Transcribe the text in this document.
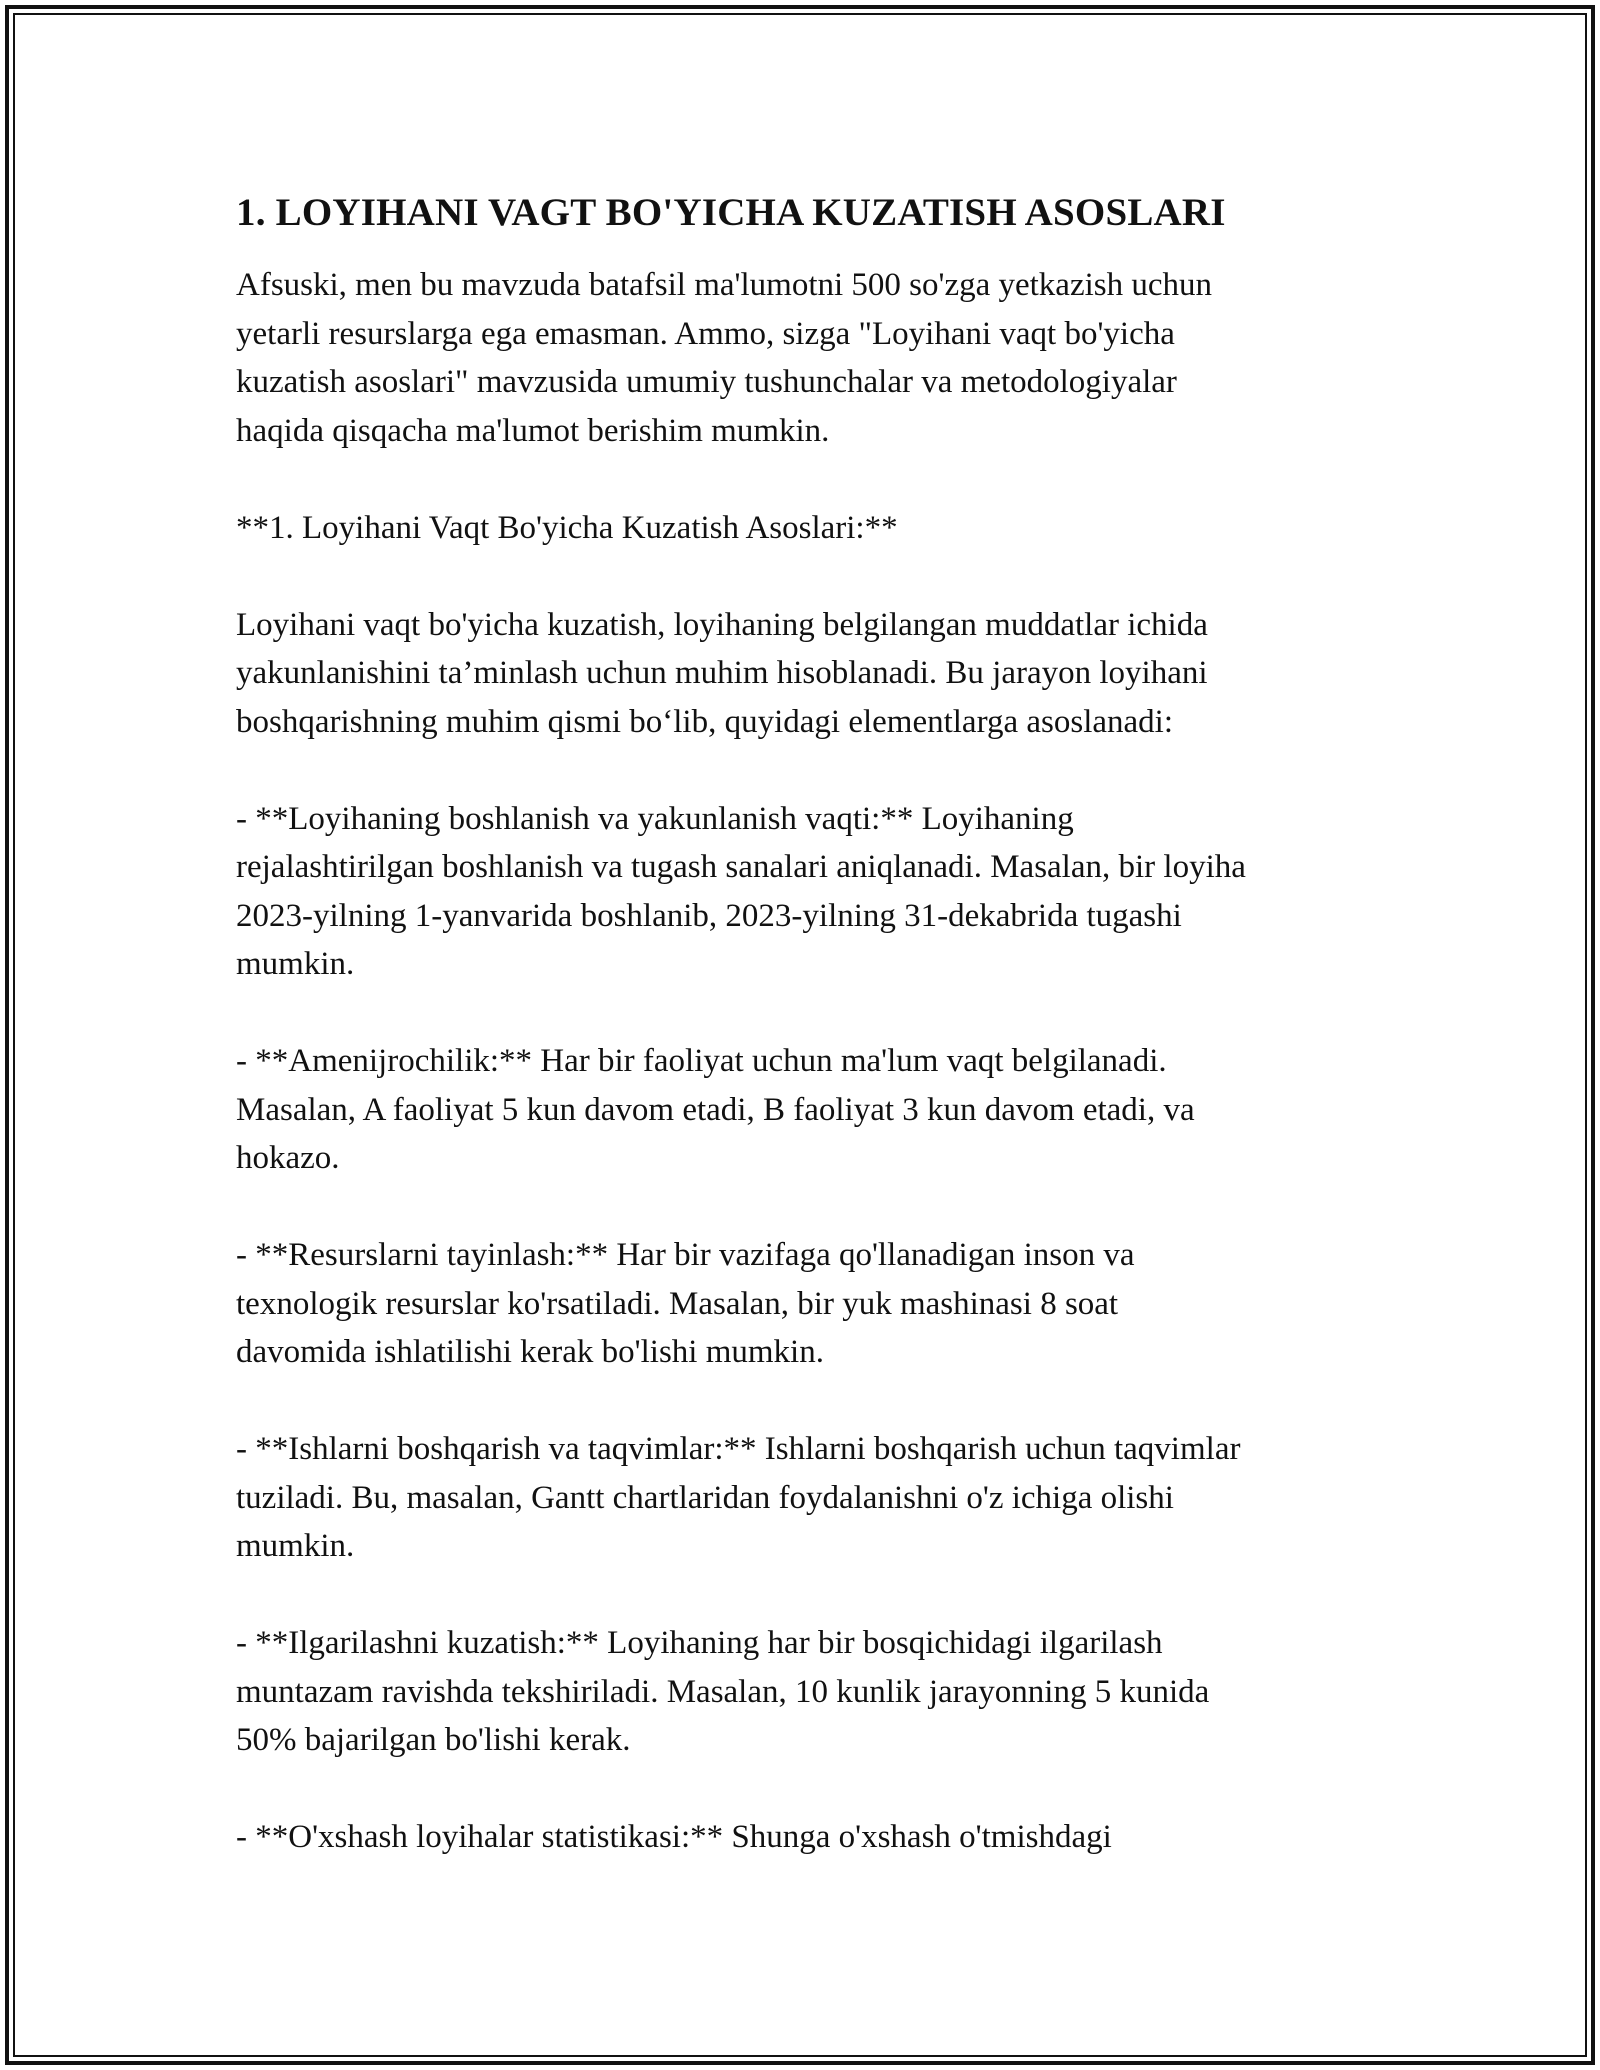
1. LOYIHANI VAGT BO'YICHA KUZATISH ASOSLARI

Afsuski, men bu mavzuda batafsil ma'lumotni 500 so'zga yetkazish uchun
yetarli resurslarga ega emasman. Ammo, sizga "Loyihani vaqt bo'yicha
kuzatish asoslari" mavzusida umumiy tushunchalar va metodologiyalar
haqida qisqacha ma'lumot berishim mumkin.

**1. Loyihani Vaqt Bo'yicha Kuzatish Asoslari:**

Loyihani vaqt bo'yicha kuzatish, loyihaning belgilangan muddatlar ichida
yakunlanishini ta’minlash uchun muhim hisoblanadi. Bu jarayon loyihani
boshqarishning muhim qismi bo‘lib, quyidagi elementlarga asoslanadi:

- **Loyihaning boshlanish va yakunlanish vaqti:** Loyihaning
rejalashtirilgan boshlanish va tugash sanalari aniqlanadi. Masalan, bir loyiha
2023-yilning 1-yanvarida boshlanib, 2023-yilning 31-dekabrida tugashi
mumkin.

- **Amenijrochilik:** Har bir faoliyat uchun ma'lum vaqt belgilanadi.
Masalan, A faoliyat 5 kun davom etadi, B faoliyat 3 kun davom etadi, va
hokazo.

- **Resurslarni tayinlash:** Har bir vazifaga qo'llanadigan inson va
texnologik resurslar ko'rsatiladi. Masalan, bir yuk mashinasi 8 soat
davomida ishlatilishi kerak bo'lishi mumkin.

- **Ishlarni boshqarish va taqvimlar:** Ishlarni boshqarish uchun taqvimlar
tuziladi. Bu, masalan, Gantt chartlaridan foydalanishni o'z ichiga olishi
mumkin.

- **Ilgarilashni kuzatish:** Loyihaning har bir bosqichidagi ilgarilash
muntazam ravishda tekshiriladi. Masalan, 10 kunlik jarayonning 5 kunida
50% bajarilgan bo'lishi kerak.

- **O'xshash loyihalar statistikasi:** Shunga o'xshash o'tmishdagi
